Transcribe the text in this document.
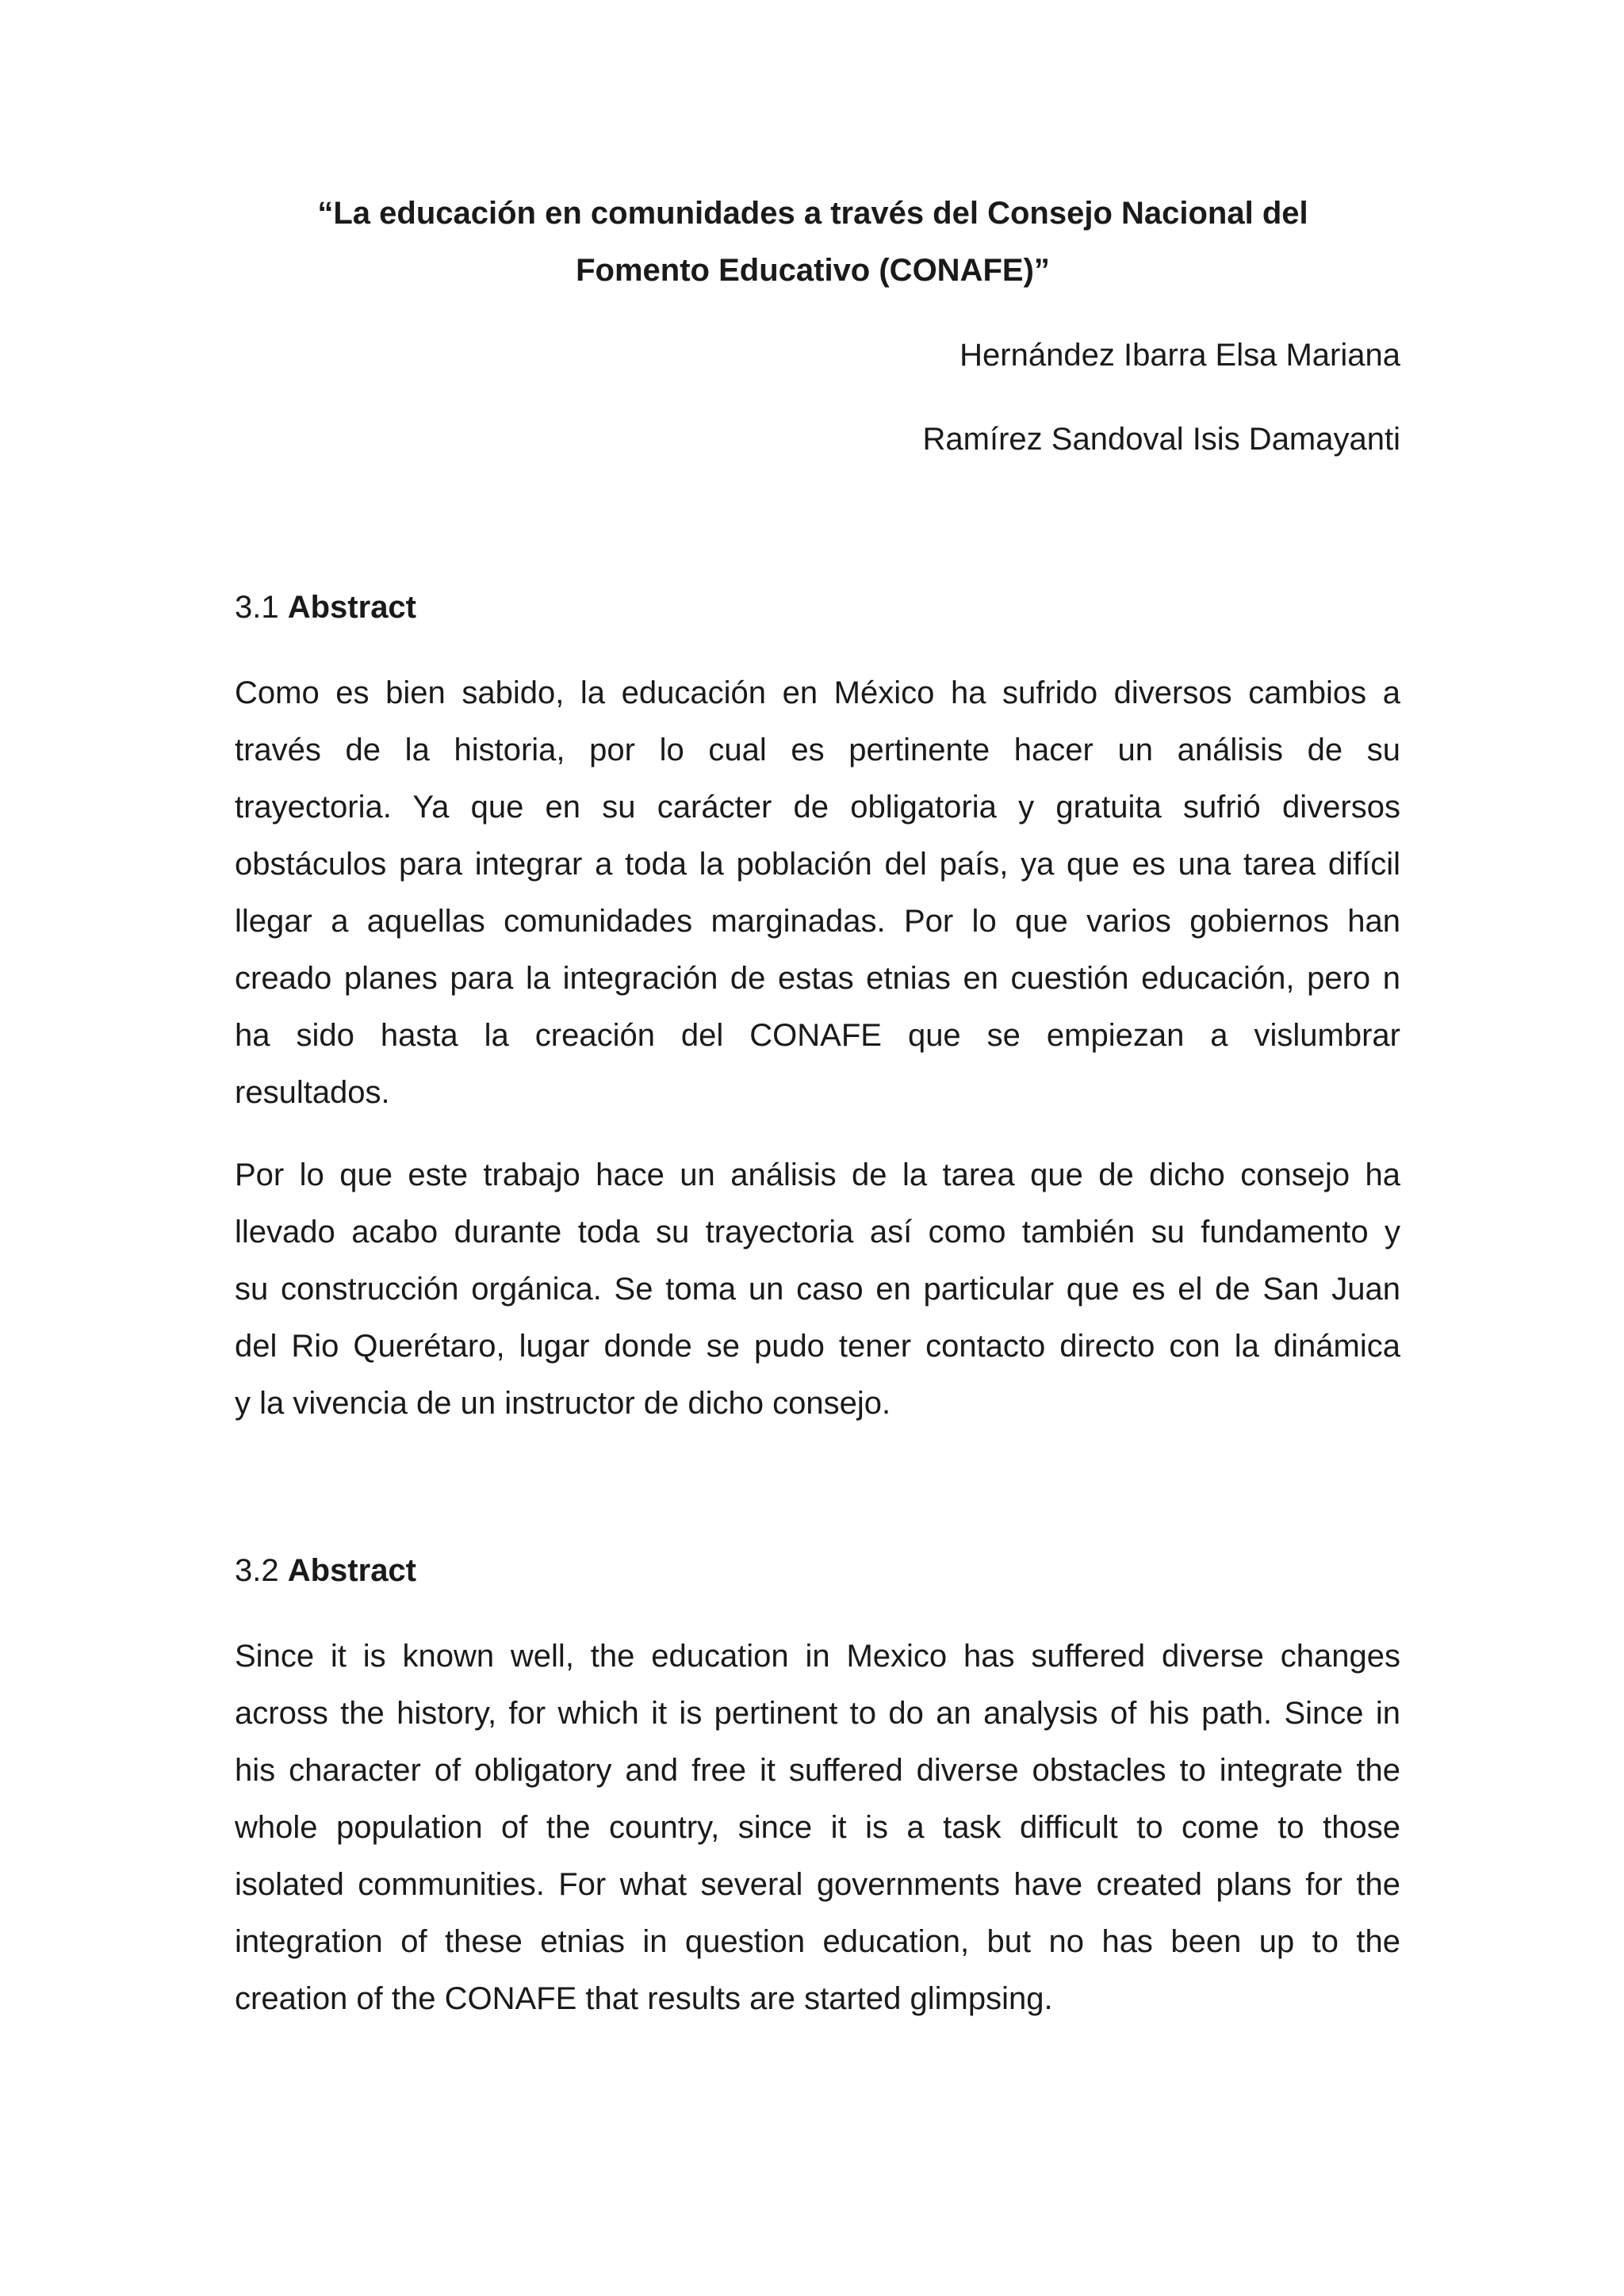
“La educación en comunidades a través del Consejo Nacional del
Fomento Educativo (CONAFE)”

Hernández Ibarra Elsa Mariana

Ramírez Sandoval Isis Damayanti

3.1 Abstract

Como es bien sabido, la educación en México ha sufrido diversos cambios a
través de la historia, por lo cual es pertinente hacer un análisis de su
trayectoria. Ya que en su carácter de obligatoria y gratuita sufrió diversos
obstáculos para integrar a toda la población del país, ya que es una tarea difícil
llegar a aquellas comunidades marginadas. Por lo que varios gobiernos han
creado planes para la integración de estas etnias en cuestión educación, pero n
ha sido hasta la creación del CONAFE que se empiezan a vislumbrar
resultados.

Por lo que este trabajo hace un análisis de la tarea que de dicho consejo ha
llevado acabo durante toda su trayectoria así como también su fundamento y
su construcción orgánica. Se toma un caso en particular que es el de San Juan
del Rio Querétaro, lugar donde se pudo tener contacto directo con la dinámica
y la vivencia de un instructor de dicho consejo.

3.2 Abstract

Since it is known well, the education in Mexico has suffered diverse changes
across the history, for which it is pertinent to do an analysis of his path. Since in
his character of obligatory and free it suffered diverse obstacles to integrate the
whole population of the country, since it is a task difficult to come to those
isolated communities. For what several governments have created plans for the
integration of these etnias in question education, but no has been up to the
creation of the CONAFE that results are started glimpsing.
